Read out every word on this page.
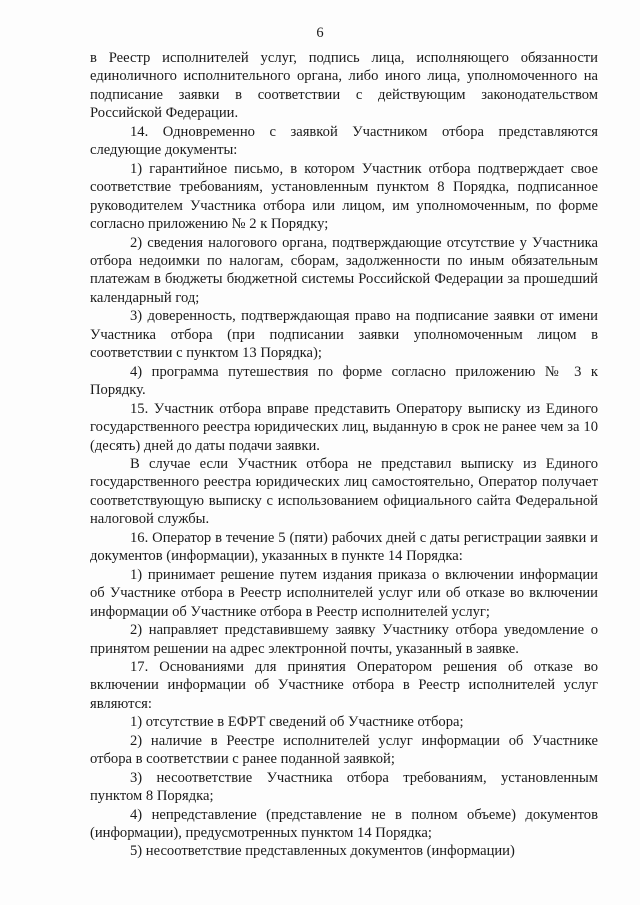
6

в Реестр исполнителей услуг, подпись лица, исполняющего обязанности единоличного исполнительного органа, либо иного лица, уполномоченного на подписание заявки в соответствии с действующим законодательством Российской Федерации.

14. Одновременно с заявкой Участником отбора представляются следующие документы:

1) гарантийное письмо, в котором Участник отбора подтверждает свое соответствие требованиям, установленным пунктом 8 Порядка, подписанное руководителем Участника отбора или лицом, им уполномоченным, по форме согласно приложению № 2 к Порядку;

2) сведения налогового органа, подтверждающие отсутствие у Участника отбора недоимки по налогам, сборам, задолженности по иным обязательным платежам в бюджеты бюджетной системы Российской Федерации за прошедший календарный год;

3) доверенность, подтверждающая право на подписание заявки от имени Участника отбора (при подписании заявки уполномоченным лицом в соответствии с пунктом 13 Порядка);

4) программа путешествия по форме согласно приложению № 3 к Порядку.

15. Участник отбора вправе представить Оператору выписку из Единого государственного реестра юридических лиц, выданную в срок не ранее чем за 10 (десять) дней до даты подачи заявки.

В случае если Участник отбора не представил выписку из Единого государственного реестра юридических лиц самостоятельно, Оператор получает соответствующую выписку с использованием официального сайта Федеральной налоговой службы.

16. Оператор в течение 5 (пяти) рабочих дней с даты регистрации заявки и документов (информации), указанных в пункте 14 Порядка:

1) принимает решение путем издания приказа о включении информации об Участнике отбора в Реестр исполнителей услуг или об отказе во включении информации об Участнике отбора в Реестр исполнителей услуг;

2) направляет представившему заявку Участнику отбора уведомление о принятом решении на адрес электронной почты, указанный в заявке.

17. Основаниями для принятия Оператором решения об отказе во включении информации об Участнике отбора в Реестр исполнителей услуг являются:

1) отсутствие в ЕФРТ сведений об Участнике отбора;

2) наличие в Реестре исполнителей услуг информации об Участнике отбора в соответствии с ранее поданной заявкой;

3) несоответствие Участника отбора требованиям, установленным пунктом 8 Порядка;

4) непредставление (представление не в полном объеме) документов (информации), предусмотренных пунктом 14 Порядка;

5) несоответствие представленных документов (информации)
